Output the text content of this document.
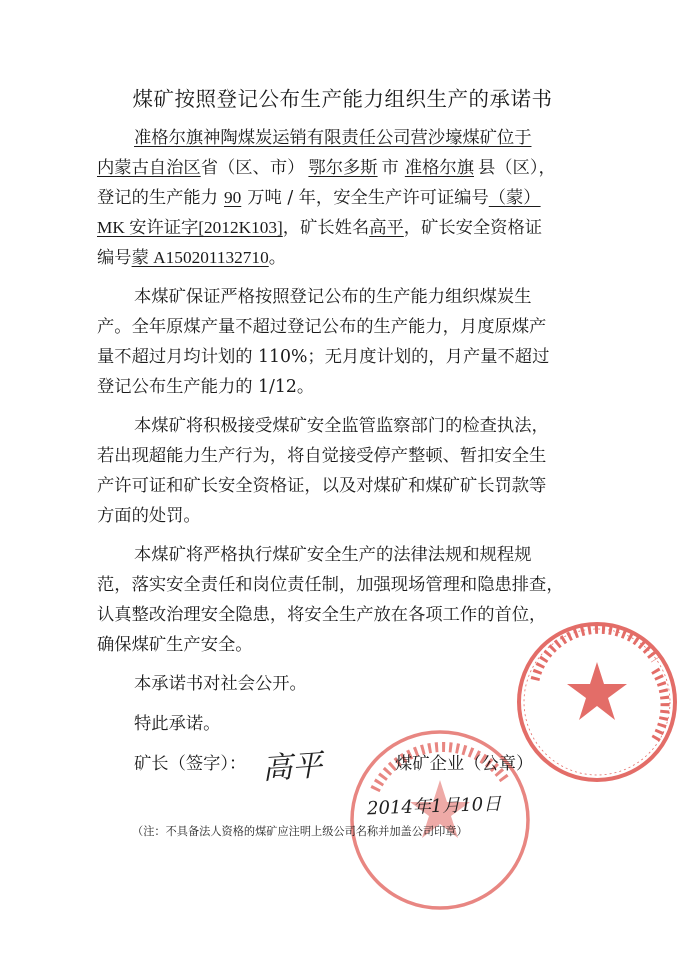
煤矿按照登记公布生产能力组织生产的承诺书
准格尔旗神陶煤炭运销有限责任公司营沙壕煤矿位于
内蒙古自治区省（区、市） 鄂尔多斯 市 准格尔旗 县（区），
登记的生产能力 90 万吨 / 年，安全生产许可证编号（蒙）
MK 安许证字[2012K103]，矿长姓名高平，矿长安全资格证
编号蒙 A150201132710。
本煤矿保证严格按照登记公布的生产能力组织煤炭生
产。全年原煤产量不超过登记公布的生产能力，月度原煤产
量不超过月均计划的 110%；无月度计划的，月产量不超过
登记公布生产能力的 1/12。
本煤矿将积极接受煤矿安全监管监察部门的检查执法，
若出现超能力生产行为，将自觉接受停产整顿、暂扣安全生
产许可证和矿长安全资格证，以及对煤矿和煤矿矿长罚款等
方面的处罚。
本煤矿将严格执行煤矿安全生产的法律法规和规程规
范，落实安全责任和岗位责任制，加强现场管理和隐患排查，
认真整改治理安全隐患，将安全生产放在各项工作的首位，
确保煤矿生产安全。
本承诺书对社会公开。
特此承诺。
矿长（签字）：	煤矿企业（公章）
高平
2014年1月10日
（注：不具备法人资格的煤矿应注明上级公司名称并加盖公司印章）
